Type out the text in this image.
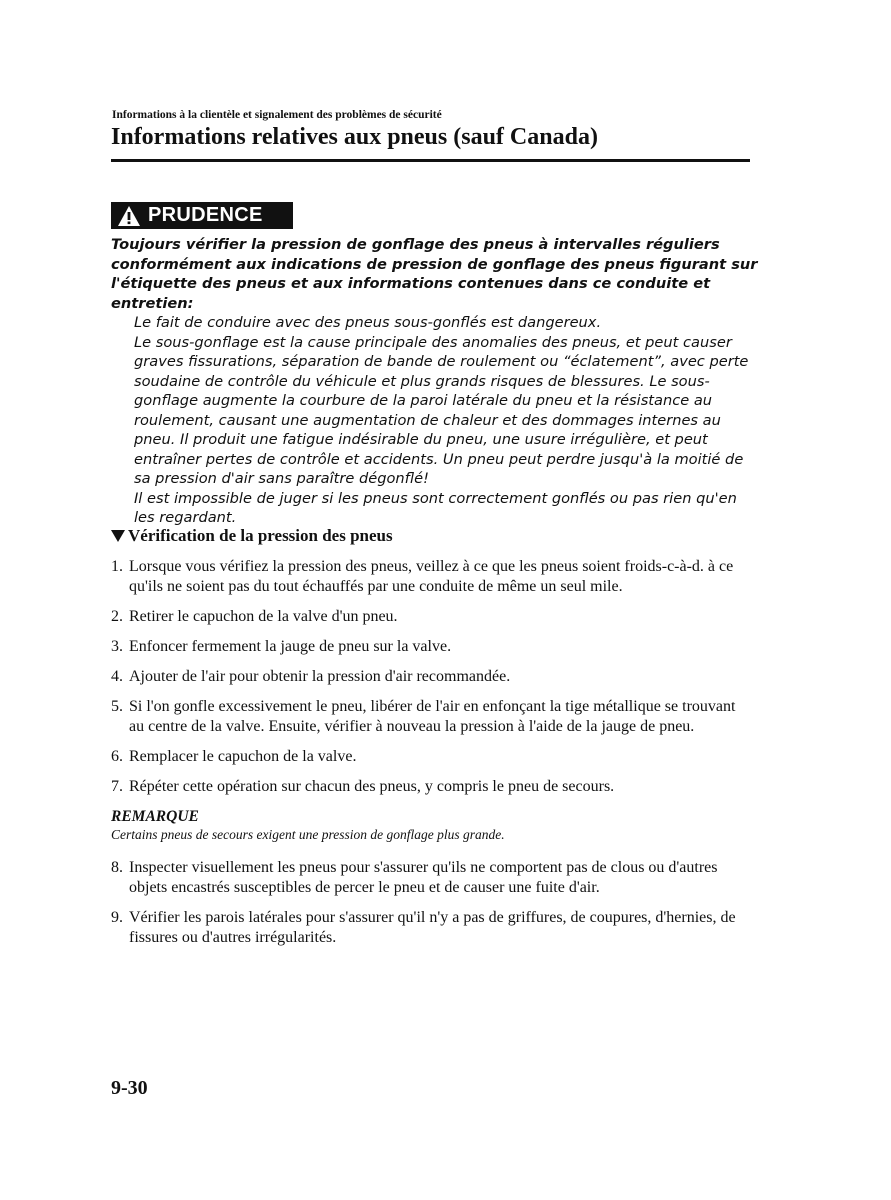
Informations à la clientèle et signalement des problèmes de sécurité
Informations relatives aux pneus (sauf Canada)
PRUDENCE
Toujours vérifier la pression de gonflage des pneus à intervalles réguliers conformément aux indications de pression de gonflage des pneus figurant sur l'étiquette des pneus et aux informations contenues dans ce conduite et entretien:

Le fait de conduire avec des pneus sous-gonflés est dangereux.

Le sous-gonflage est la cause principale des anomalies des pneus, et peut causer graves fissurations, séparation de bande de roulement ou “éclatement”, avec perte soudaine de contrôle du véhicule et plus grands risques de blessures. Le sous-gonflage augmente la courbure de la paroi latérale du pneu et la résistance au roulement, causant une augmentation de chaleur et des dommages internes au pneu. Il produit une fatigue indésirable du pneu, une usure irrégulière, et peut entraîner pertes de contrôle et accidents. Un pneu peut perdre jusqu'à la moitié de sa pression d'air sans paraître dégonflé!

Il est impossible de juger si les pneus sont correctement gonflés ou pas rien qu'en les regardant.

Vérification de la pression des pneus
1. Lorsque vous vérifiez la pression des pneus, veillez à ce que les pneus soient froids-c-à-d. à ce qu'ils ne soient pas du tout échauffés par une conduite de même un seul mile.
2. Retirer le capuchon de la valve d'un pneu.
3. Enfoncer fermement la jauge de pneu sur la valve.
4. Ajouter de l'air pour obtenir la pression d'air recommandée.
5. Si l'on gonfle excessivement le pneu, libérer de l'air en enfonçant la tige métallique se trouvant au centre de la valve. Ensuite, vérifier à nouveau la pression à l'aide de la jauge de pneu.
6. Remplacer le capuchon de la valve.
7. Répéter cette opération sur chacun des pneus, y compris le pneu de secours.
REMARQUE
Certains pneus de secours exigent une pression de gonflage plus grande.
8. Inspecter visuellement les pneus pour s'assurer qu'ils ne comportent pas de clous ou d'autres objets encastrés susceptibles de percer le pneu et de causer une fuite d'air.
9. Vérifier les parois latérales pour s'assurer qu'il n'y a pas de griffures, de coupures, d'hernies, de fissures ou d'autres irrégularités.
9-30
